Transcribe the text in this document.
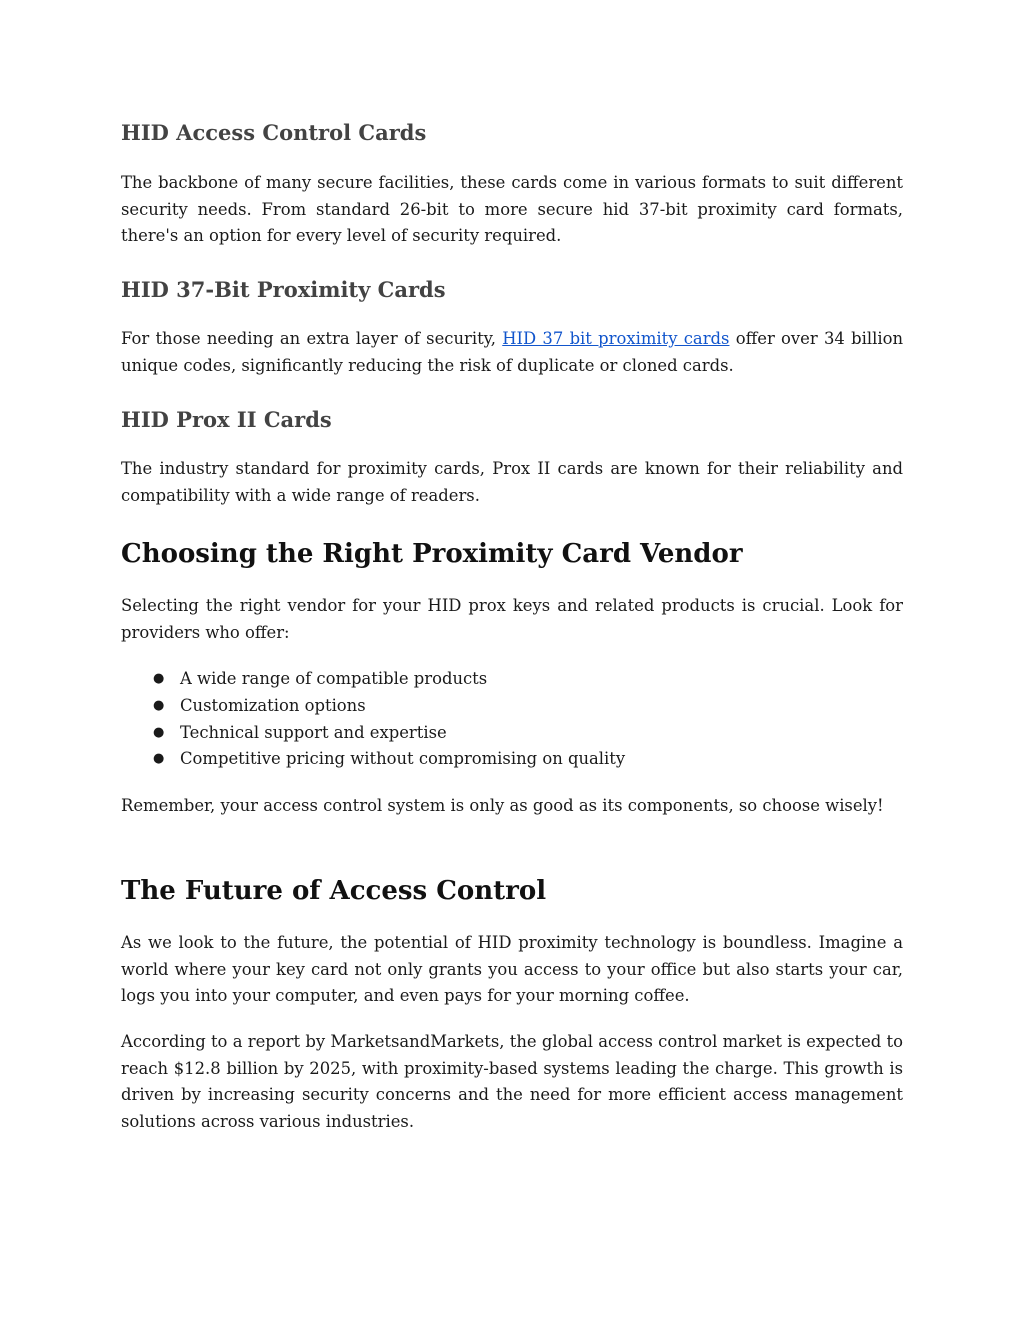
HID Access Control Cards

The backbone of many secure facilities, these cards come in various formats to suit different security needs. From standard 26-bit to more secure hid 37-bit proximity card formats, there's an option for every level of security required.

HID 37-Bit Proximity Cards

For those needing an extra layer of security, HID 37 bit proximity cards offer over 34 billion unique codes, significantly reducing the risk of duplicate or cloned cards.

HID Prox II Cards

The industry standard for proximity cards, Prox II cards are known for their reliability and compatibility with a wide range of readers.

Choosing the Right Proximity Card Vendor

Selecting the right vendor for your HID prox keys and related products is crucial. Look for providers who offer:

● A wide range of compatible products
● Customization options
● Technical support and expertise
● Competitive pricing without compromising on quality

Remember, your access control system is only as good as its components, so choose wisely!

The Future of Access Control

As we look to the future, the potential of HID proximity technology is boundless. Imagine a world where your key card not only grants you access to your office but also starts your car, logs you into your computer, and even pays for your morning coffee.

According to a report by MarketsandMarkets, the global access control market is expected to reach $12.8 billion by 2025, with proximity-based systems leading the charge. This growth is driven by increasing security concerns and the need for more efficient access management solutions across various industries.
